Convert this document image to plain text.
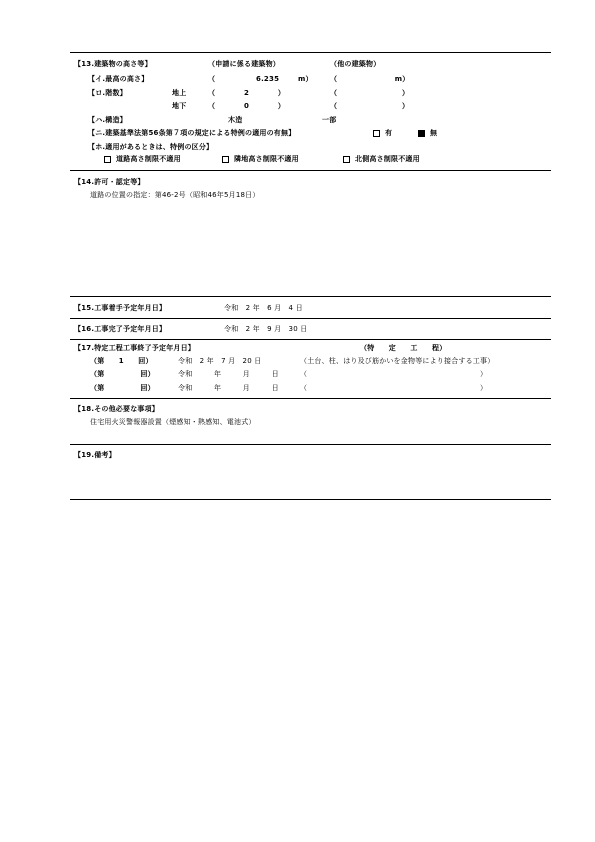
【13.建築物の高さ等】	（申請に係る建築物）	（他の建築物）
【イ.最高の高さ】	（	6.235	m） （　　　　　　　　m）
【ロ.階数】	地上	（　　　　2　　　　）	（　　　　　　　　　）
地下	（　　　　0　　　　）	（　　　　　　　　　）
【ハ.構造】	木造	一部
【ニ.建築基準法第56条第７項の規定による特例の適用の有無】	有	無
【ホ.適用があるときは、特例の区分】
道路高さ制限不適用	隣地高さ制限不適用	北側高さ制限不適用
【14.許可・認定等】
道路の位置の指定：第46-2号（昭和46年5月18日）
【15.工事着手予定年月日】	令和　2 年　6 月　4 日
【16.工事完了予定年月日】	令和　2 年　9 月　30 日
【17.特定工程工事終了予定年月日】	（特　　定　　工　　程）
（第　　1　　回）	令和　2 年　7 月　20 日	（土台、柱、はり及び筋かいを金物等により接合する工事）
（第　　　　　回）	令和　　　年　　　月　　　日	（　　　　　　　　　　　　　　　　　　　　　　　　）
（第　　　　　回）	令和　　　年　　　月　　　日	（　　　　　　　　　　　　　　　　　　　　　　　　）
【18.その他必要な事項】
住宅用火災警報器設置（煙感知・熱感知、電池式）
【19.備考】
